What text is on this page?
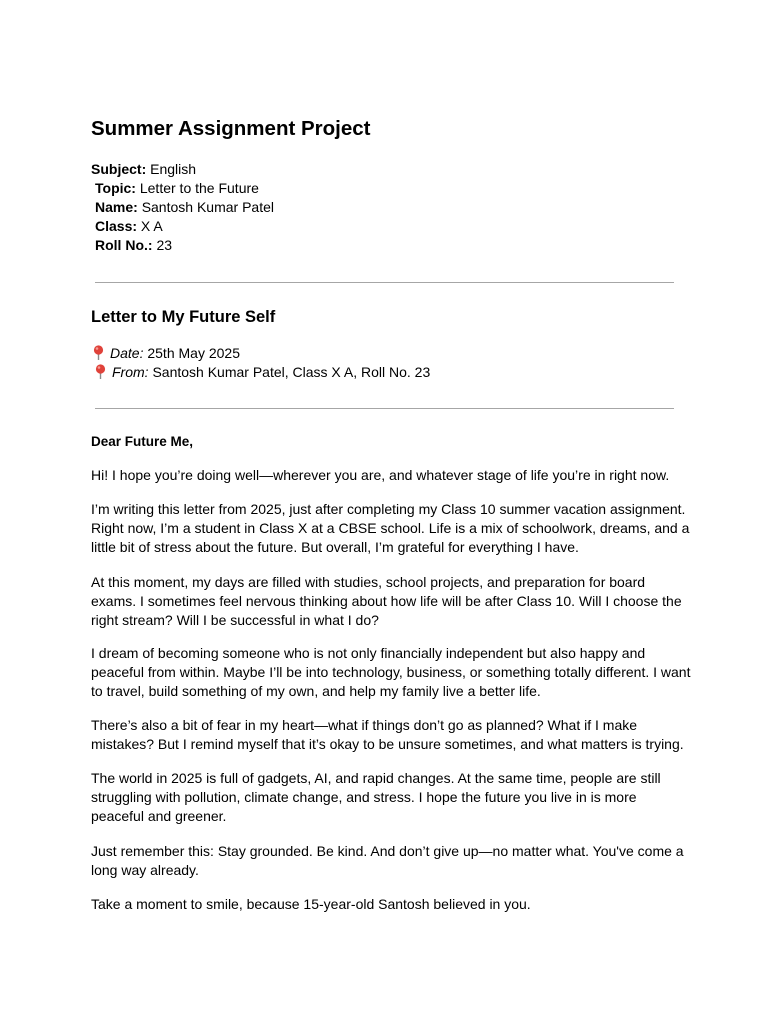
Summer Assignment Project
Subject: English
Topic: Letter to the Future
Name: Santosh Kumar Patel
Class: X A
Roll No.: 23
Letter to My Future Self
Date: 25th May 2025
From: Santosh Kumar Patel, Class X A, Roll No. 23
Dear Future Me,

Hi! I hope you’re doing well—wherever you are, and whatever stage of life you’re in right now.

I’m writing this letter from 2025, just after completing my Class 10 summer vacation assignment. Right now, I’m a student in Class X at a CBSE school. Life is a mix of schoolwork, dreams, and a little bit of stress about the future. But overall, I’m grateful for everything I have.

At this moment, my days are filled with studies, school projects, and preparation for board exams. I sometimes feel nervous thinking about how life will be after Class 10. Will I choose the right stream? Will I be successful in what I do?

I dream of becoming someone who is not only financially independent but also happy and peaceful from within. Maybe I’ll be into technology, business, or something totally different. I want to travel, build something of my own, and help my family live a better life.

There’s also a bit of fear in my heart—what if things don’t go as planned? What if I make mistakes? But I remind myself that it’s okay to be unsure sometimes, and what matters is trying.

The world in 2025 is full of gadgets, AI, and rapid changes. At the same time, people are still struggling with pollution, climate change, and stress. I hope the future you live in is more peaceful and greener.

Just remember this: Stay grounded. Be kind. And don’t give up—no matter what. You've come a long way already.

Take a moment to smile, because 15-year-old Santosh believed in you.
